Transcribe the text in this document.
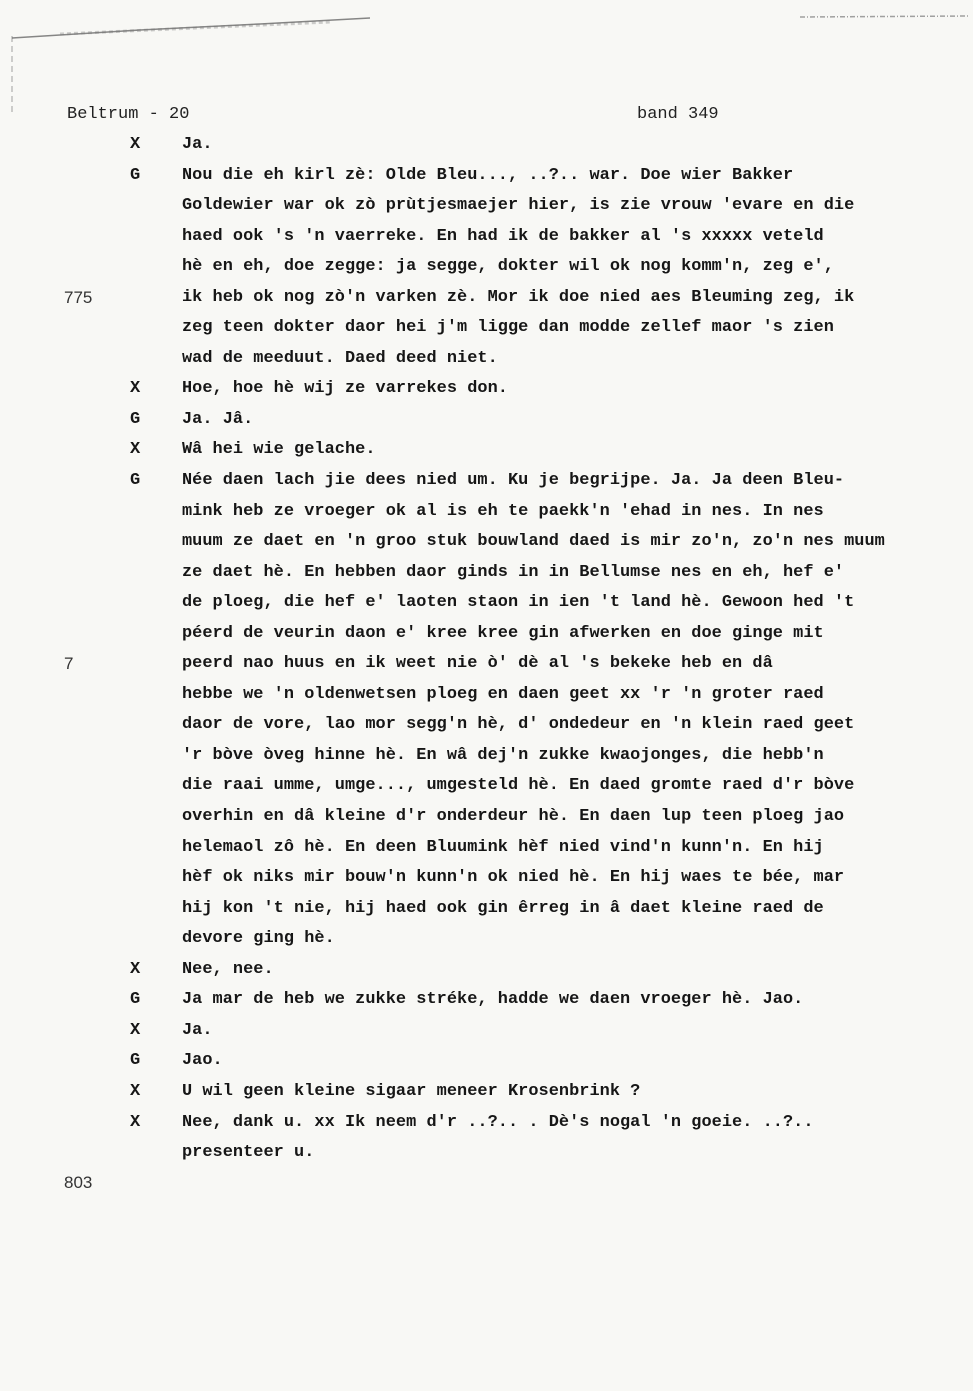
Beltrum - 20	band 349
X Ja.
G Nou die eh kirl zè: Olde Bleu..., ..?.. war. Doe wier Bakker
Goldewier war ok zò prùtjesmaejer hier, is zie vrouw 'evare en die
haed ook 's 'n vaerreke. En had ik de bakker al 's xxxxx veteld
hè en eh, doe zegge: ja segge, dokter wil ok nog komm'n, zeg e',
775	ik heb ok nog zò'n varken zè. Mor ik doe nied aes Bleuming zeg, ik
zeg teen dokter daor hei j'm ligge dan modde zellef maor 's zien
wad de meeduut. Daed deed niet.
X Hoe, hoe hè wij ze varrekes don.
G Ja. Jâ.
X Wâ hei wie gelache.
G Née daen lach jie dees nied um. Ku je begrijpe. Ja. Ja deen Bleu-
mink heb ze vroeger ok al is eh te paekk'n 'ehad in nes. In nes
muum ze daet en 'n groo stuk bouwland daed is mir zo'n, zo'n nes muum
ze daet hè. En hebben daor ginds in in Bellumse nes en eh, hef e'
de ploeg, die hef e' laoten staon in ien 't land hè. Gewoon hed 't
péerd de veurin daon e' kree kree gin afwerken en doe ginge mit
7	peerd nao huus en ik weet nie ò' dè al 's bekeke heb en dâ
hebbe we 'n oldenwetsen ploeg en daen geet xx 'r 'n groter raed
daor de vore, lao mor segg'n hè, d' ondedeur en 'n klein raed geet
'r bòve òveg hinne hè. En wâ dej'n zukke kwaojonges, die hebb'n
die raai umme, umge..., umgesteld hè. En daed gromte raed d'r bòve
overhin en dâ kleine d'r onderdeur hè. En daen lup teen ploeg jao
helemaol zô hè. En deen Bluumink hèf nied vind'n kunn'n. En hij
hèf ok niks mir bouw'n kunn'n ok nied hè. En hij waes te bée, mar
hij kon 't nie, hij haed ook gin êrreg in â daet kleine raed de
devore ging hè.
X Nee, nee.
G Ja mar de heb we zukke stréke, hadde we daen vroeger hè. Jao.
X Ja.
G Jao.
X U wil geen kleine sigaar meneer Krosenbrink ?
X Nee, dank u. xx Ik neem d'r ..?.. . Dè's nogal 'n goeie. ..?..
presenteer u.
803
